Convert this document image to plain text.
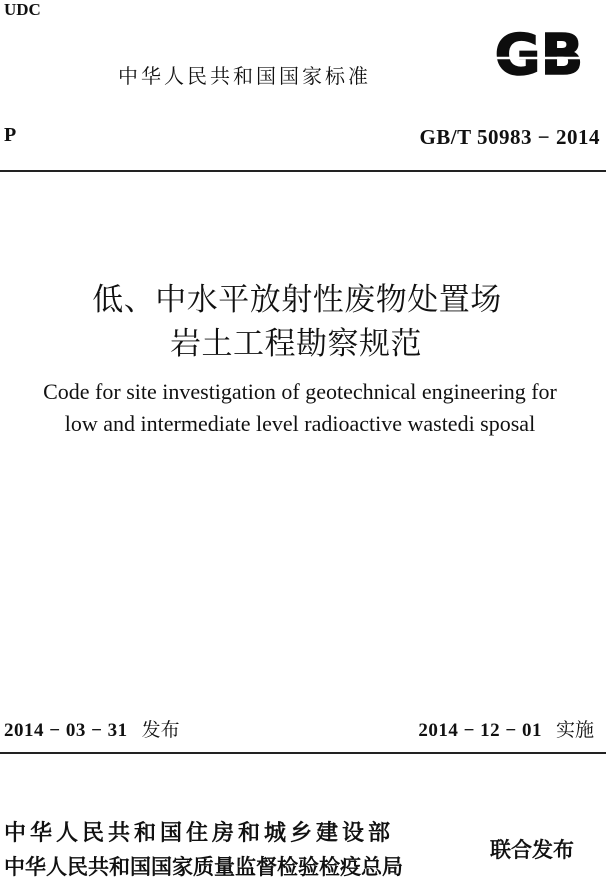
UDC
中华人民共和国国家标准 GB
P	GB/T 50983 − 2014
低、中水平放射性废物处置场
岩土工程勘察规范
Code for site investigation of geotechnical engineering for
low and intermediate level radioactive wastedi sposal
2014 − 03 − 31 发布	2014 − 12 − 01 实施
中华人民共和国住房和城乡建设部
中华人民共和国国家质量监督检验检疫总局
联合发布
